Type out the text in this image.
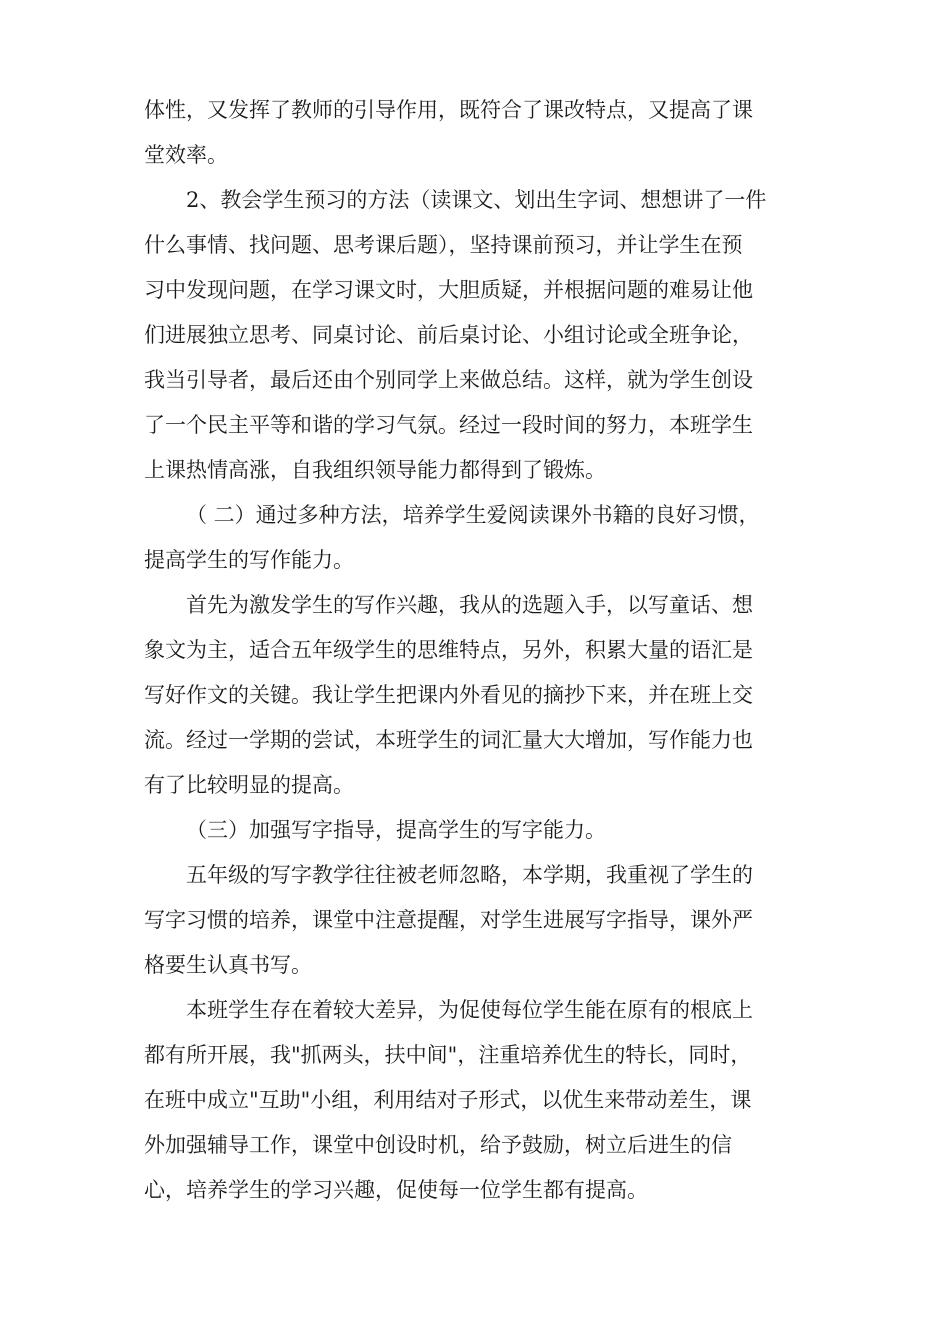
体性，又发挥了教师的引导作用，既符合了课改特点，又提高了课
堂效率。

2、教会学生预习的方法（读课文、划出生字词、想想讲了一件
什么事情、找问题、思考课后题），坚持课前预习，并让学生在预
习中发现问题，在学习课文时，大胆质疑，并根据问题的难易让他
们进展独立思考、同桌讨论、前后桌讨论、小组讨论或全班争论，
我当引导者，最后还由个别同学上来做总结。这样，就为学生创设
了一个民主平等和谐的学习气氛。经过一段时间的努力，本班学生
上课热情高涨，自我组织领导能力都得到了锻炼。

（ 二）通过多种方法，培养学生爱阅读课外书籍的良好习惯，
提高学生的写作能力。

首先为激发学生的写作兴趣，我从的选题入手，以写童话、想
象文为主，适合五年级学生的思维特点，另外，积累大量的语汇是
写好作文的关键。我让学生把课内外看见的摘抄下来，并在班上交
流。经过一学期的尝试，本班学生的词汇量大大增加，写作能力也
有了比较明显的提高。

（三）加强写字指导，提高学生的写字能力。

五年级的写字教学往往被老师忽略，本学期，我重视了学生的
写字习惯的培养，课堂中注意提醒，对学生进展写字指导，课外严
格要生认真书写。

本班学生存在着较大差异，为促使每位学生能在原有的根底上
都有所开展，我"抓两头，扶中间"，注重培养优生的特长，同时，
在班中成立"互助"小组，利用结对子形式，以优生来带动差生，课
外加强辅导工作，课堂中创设时机，给予鼓励，树立后进生的信
心，培养学生的学习兴趣，促使每一位学生都有提高。
